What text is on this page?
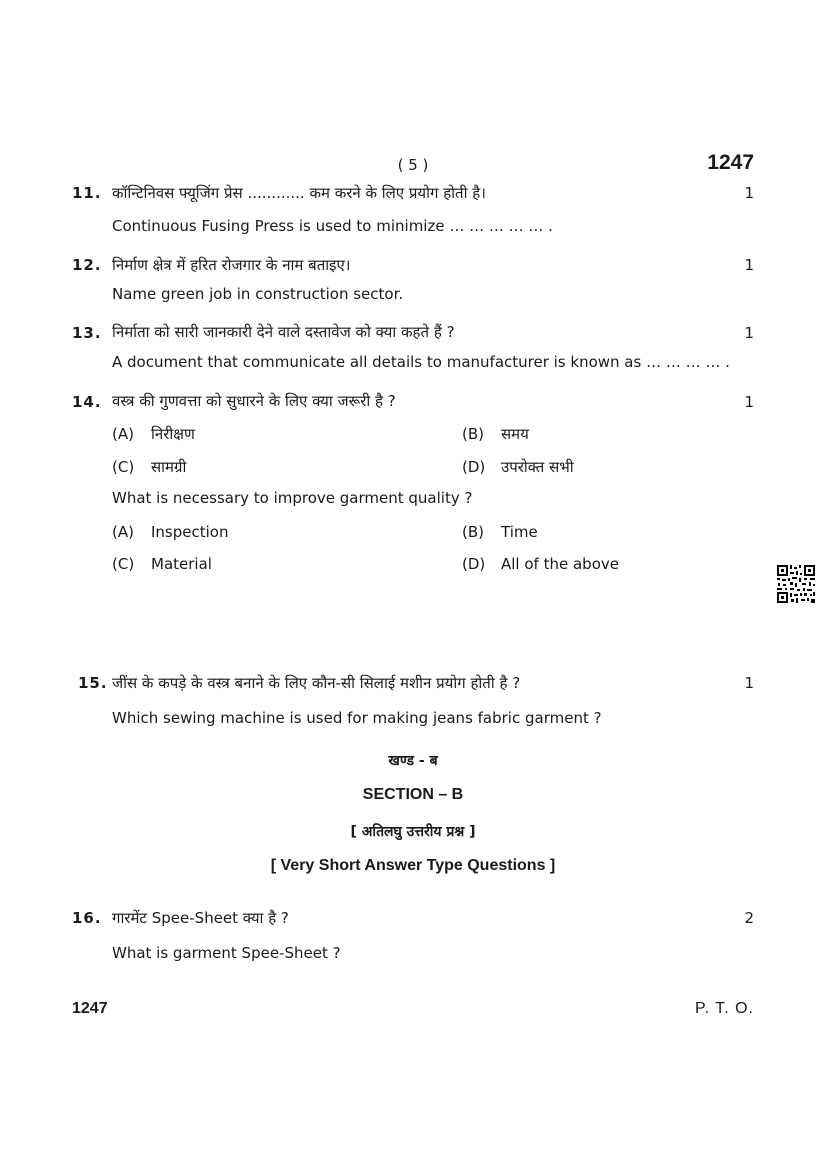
( 5 )	1247
11. कॉन्टिनिवस फ्यूजिंग प्रेस ............ कम करने के लिए प्रयोग होती है।	1
Continuous Fusing Press is used to minimize … … … … … .
12. निर्माण क्षेत्र में हरित रोजगार के नाम बताइए।	1
Name green job in construction sector.
13. निर्माता को सारी जानकारी देने वाले दस्तावेज को क्या कहते हैं ?	1
A document that communicate all details to manufacturer is known as … … … … .
14. वस्त्र की गुणवत्ता को सुधारने के लिए क्या जरूरी है ?	1
(A) निरीक्षण	(B) समय
(C) सामग्री	(D) उपरोक्त सभी
What is necessary to improve garment quality ?
(A) Inspection	(B) Time
(C) Material	(D) All of the above
15. जींस के कपड़े के वस्त्र बनाने के लिए कौन-सी सिलाई मशीन प्रयोग होती है ?	1
Which sewing machine is used for making jeans fabric garment ?
खण्ड - ब
SECTION – B
[ अतिलघु उत्तरीय प्रश्न ]
[ Very Short Answer Type Questions ]
16. गारमेंट Spee-Sheet क्या है ?	2
What is garment Spee-Sheet ?
1247	P. T. O.
